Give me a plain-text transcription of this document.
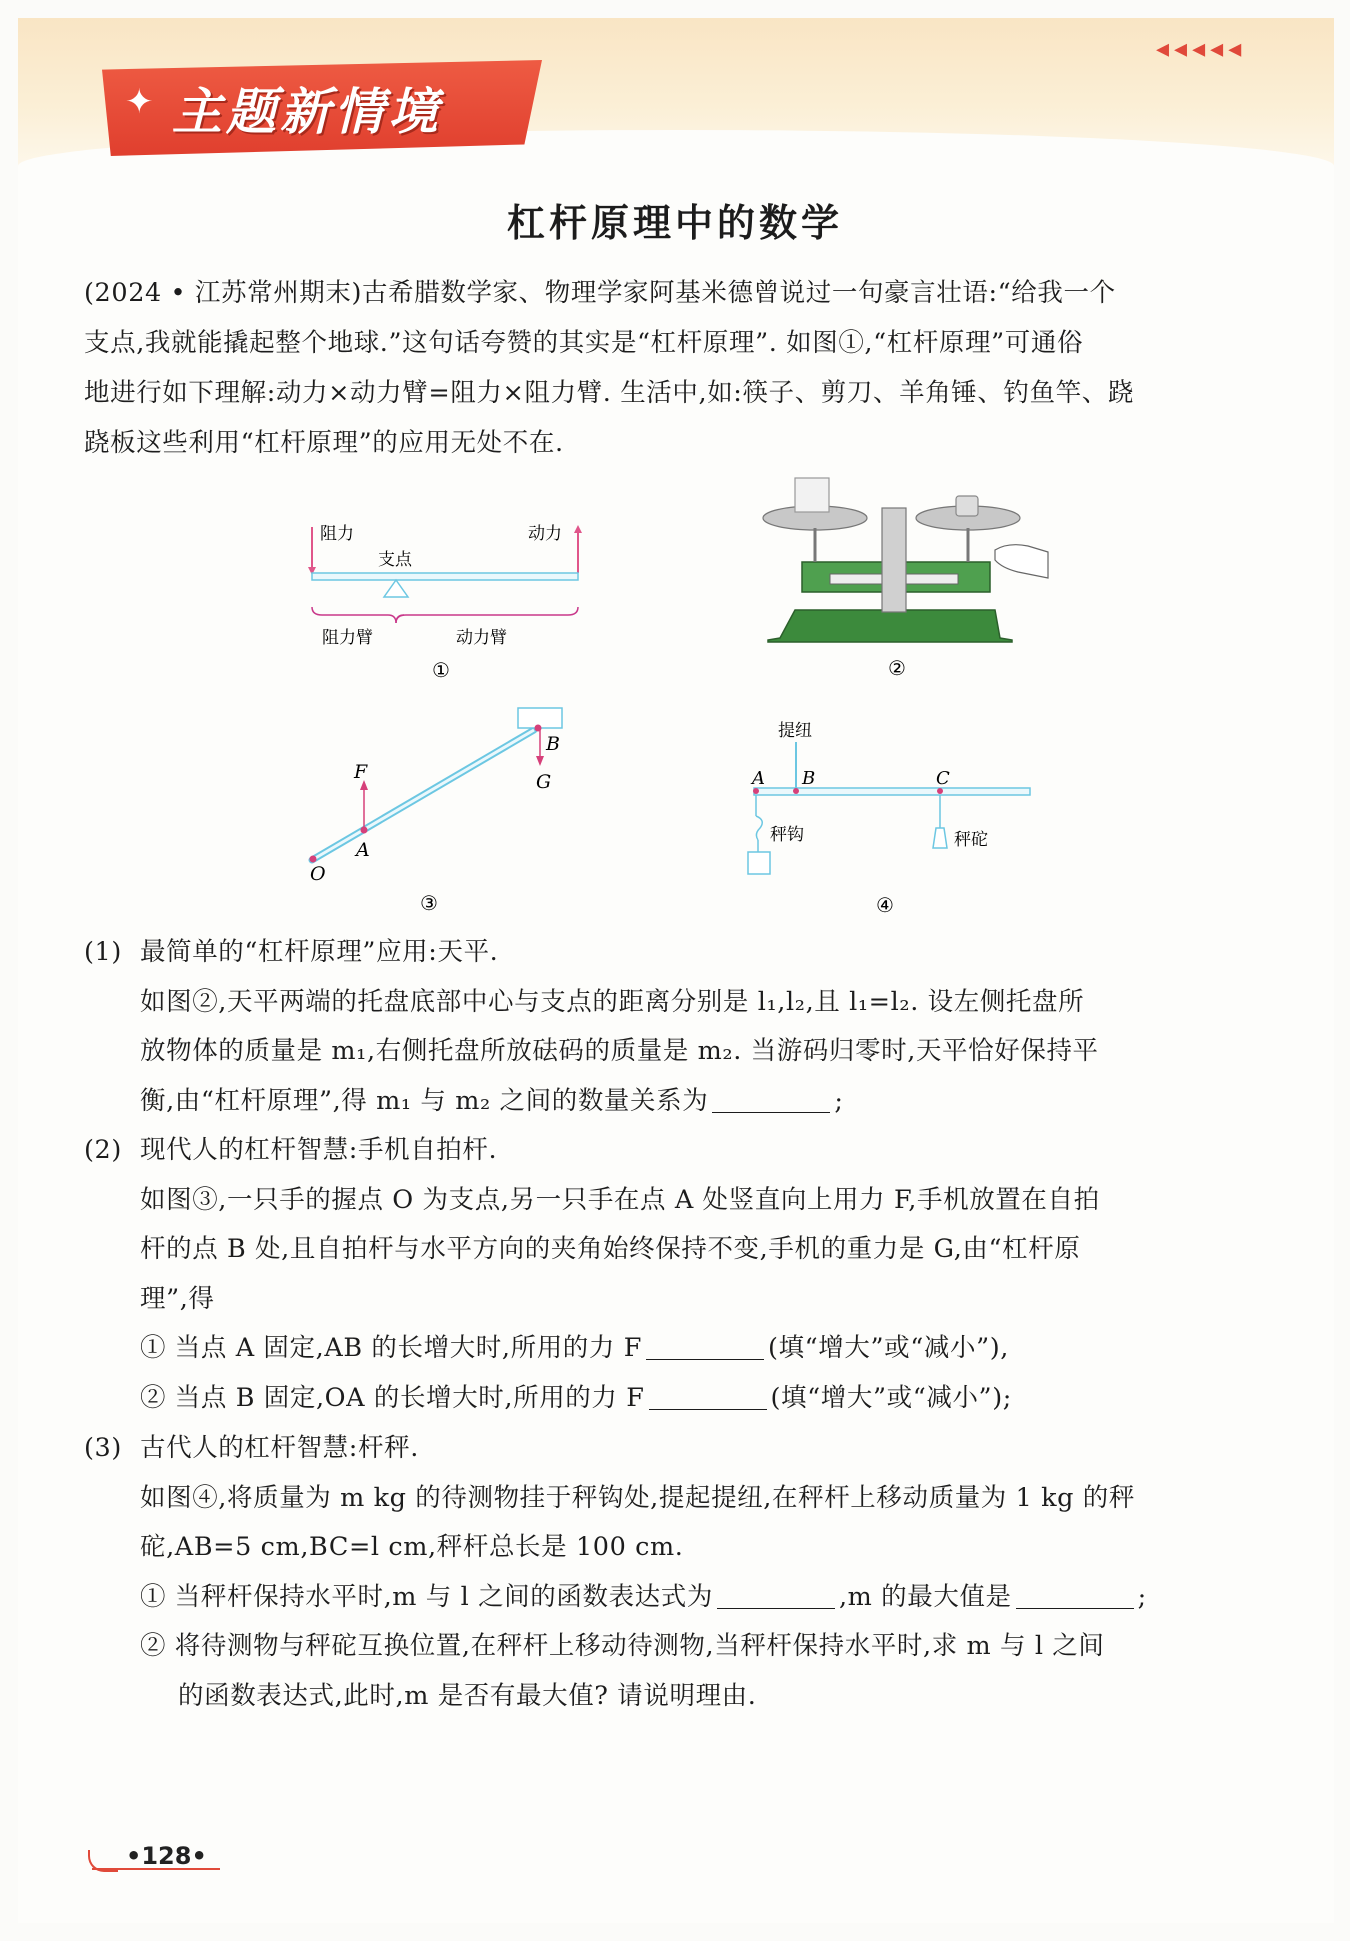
✦ 主题新情境
◂◂◂◂◂
杠杆原理中的数学
(2024 • 江苏常州期末)古希腊数学家、物理学家阿基米德曾说过一句豪言壮语:“给我一个
支点,我就能撬起整个地球.”这句话夸赞的其实是“杠杆原理”. 如图①,“杠杆原理”可通俗
地进行如下理解:动力×动力臂=阻力×阻力臂. 生活中,如:筷子、剪刀、羊角锤、钓鱼竿、跷
跷板这些利用“杠杆原理”的应用无处不在.
阻力	动力
支点
阻力臂	动力臂
①	②
F
A
B
G
O
③
提纽
A B	C
秤钩	秤砣
④
(1) 最简单的“杠杆原理”应用:天平.
如图②,天平两端的托盘底部中心与支点的距离分别是 l₁,l₂,且 l₁=l₂. 设左侧托盘所
放物体的质量是 m₁,右侧托盘所放砝码的质量是 m₂. 当游码归零时,天平恰好保持平
衡,由“杠杆原理”,得 m₁ 与 m₂ 之间的数量关系为	;
(2) 现代人的杠杆智慧:手机自拍杆.
如图③,一只手的握点 O 为支点,另一只手在点 A 处竖直向上用力 F,手机放置在自拍
杆的点 B 处,且自拍杆与水平方向的夹角始终保持不变,手机的重力是 G,由“杠杆原
理”,得
① 当点 A 固定,AB 的长增大时,所用的力 F	(填“增大”或“减小”),
② 当点 B 固定,OA 的长增大时,所用的力 F	(填“增大”或“减小”);
(3) 古代人的杠杆智慧:杆秤.
如图④,将质量为 m kg 的待测物挂于秤钩处,提起提纽,在秤杆上移动质量为 1 kg 的秤
砣,AB=5 cm,BC=l cm,秤杆总长是 100 cm.
① 当秤杆保持水平时,m 与 l 之间的函数表达式为	,m 的最大值是	;
② 将待测物与秤砣互换位置,在秤杆上移动待测物,当秤杆保持水平时,求 m 与 l 之间
的函数表达式,此时,m 是否有最大值? 请说明理由.
•128•
